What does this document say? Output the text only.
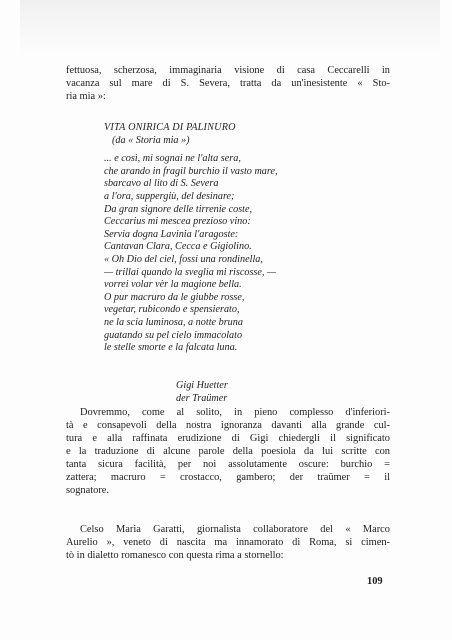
fettuosa, scherzosa, immaginaria visione di casa Ceccarelli in
vacanza sul mare di S. Severa, tratta da un'inesistente « Sto-
ria mia »:
VITA ONIRICA DI PALINURO
(da « Storia mia »)
... e così, mi sognai ne l'alta sera,
che arando in fragil burchio il vasto mare,
sbarcavo al lito di S. Severa
a l'ora, suppergiù, del desinare;
Da gran signore delle tirrenie coste,
Ceccarius mi mescea prezioso vino:
Servia dogna Lavinia l'aragoste:
Cantavan Clara, Cecca e Gigiolino.
« Oh Dio del ciel, fossi una rondinella,
— trillai quando la sveglia mi riscosse, —
vorrei volar vèr la magione bella.
O pur macruro da le giubbe rosse,
vegetar, rubicondo e spensierato,
ne la scia luminosa, a notte bruna
guatando su pel cielo immacolato
le stelle smorte e la falcata luna.
Gigi Huetter
der Traümer
Dovremmo, come al solito, in pieno complesso d'inferiori-
tà e consapevoli della nostra ignoranza davanti alla grande cul-
tura e alla raffinata erudizione di Gigi chiedergli il significato
e la traduzione di alcune parole della poesiola da lui scritte con
tanta sicura facilità, per noi assolutamente oscure: burchio =
zattera; macruro = crostacco, gambero; der traümer = il
sognatore.
Celso Maria Garatti, giornalista collaboratore del « Marco
Aurelio », veneto di nascita ma innamorato di Roma, si cimen-
tò in dialetto romanesco con questa rima a stornello:
109
